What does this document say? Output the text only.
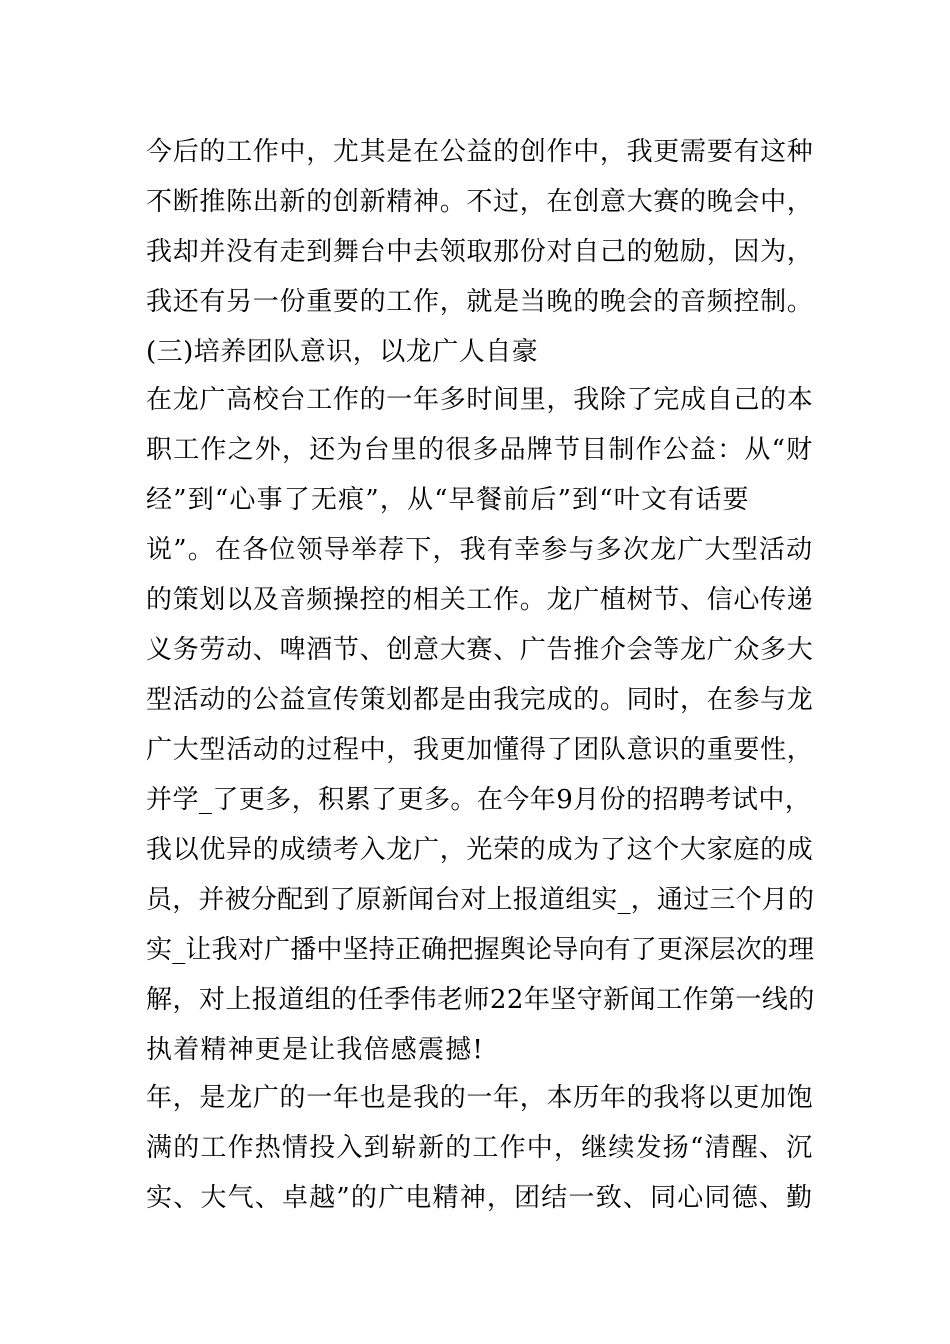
今后的工作中，尤其是在公益的创作中，我更需要有这种
不断推陈出新的创新精神。不过，在创意大赛的晚会中，
我却并没有走到舞台中去领取那份对自己的勉励，因为，
我还有另一份重要的工作，就是当晚的晚会的音频控制。
(三)培养团队意识，以龙广人自豪
在龙广高校台工作的一年多时间里，我除了完成自己的本
职工作之外，还为台里的很多品牌节目制作公益：从“财
经”到“心事了无痕”，从“早餐前后”到“叶文有话要
说”。在各位领导举荐下，我有幸参与多次龙广大型活动
的策划以及音频操控的相关工作。龙广植树节、信心传递
义务劳动、啤酒节、创意大赛、广告推介会等龙广众多大
型活动的公益宣传策划都是由我完成的。同时，在参与龙
广大型活动的过程中，我更加懂得了团队意识的重要性，
并学_了更多，积累了更多。在今年9月份的招聘考试中，
我以优异的成绩考入龙广，光荣的成为了这个大家庭的成
员，并被分配到了原新闻台对上报道组实_，通过三个月的
实_让我对广播中坚持正确把握舆论导向有了更深层次的理
解，对上报道组的任季伟老师22年坚守新闻工作第一线的
执着精神更是让我倍感震撼!
年，是龙广的一年也是我的一年，本历年的我将以更加饱
满的工作热情投入到崭新的工作中，继续发扬“清醒、沉
实、大气、卓越”的广电精神，团结一致、同心同德、勤
